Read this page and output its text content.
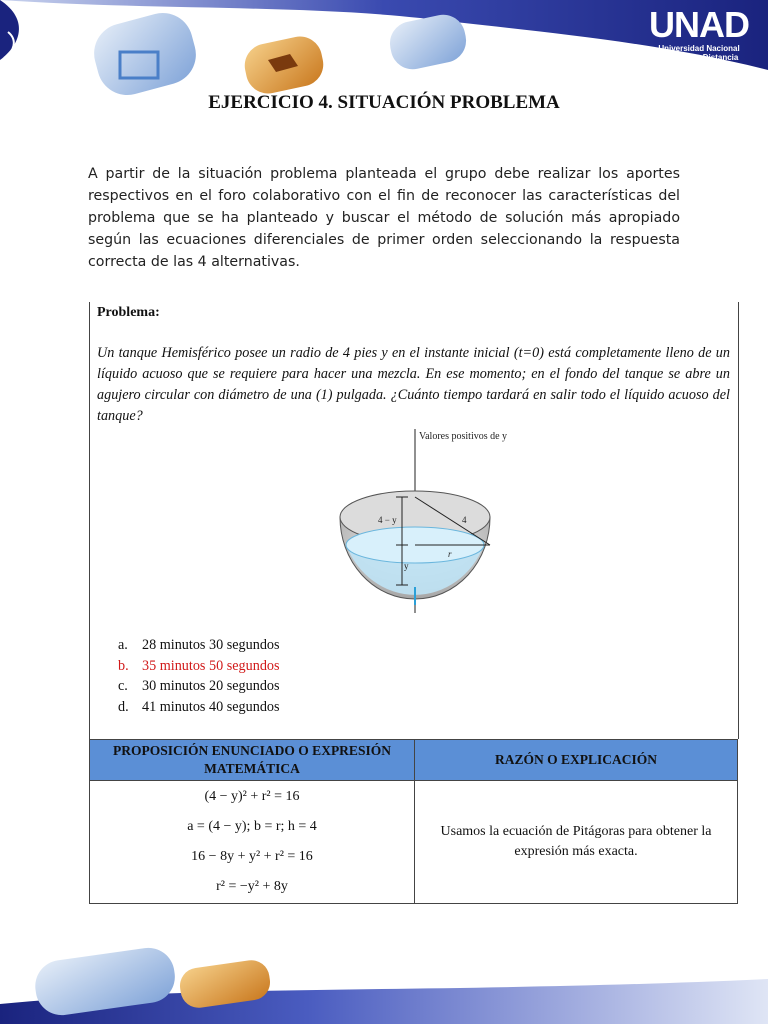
UNAD
Universidad Nacional
Abierta y a Distancia
EJERCICIO 4. SITUACIÓN PROBLEMA
A partir de la situación problema planteada el grupo debe realizar los aportes respectivos en el foro colaborativo con el fin de reconocer las características del problema que se ha planteado y buscar el método de solución más apropiado según las ecuaciones diferenciales de primer orden seleccionando la respuesta correcta de las 4 alternativas.
Problema:
Un tanque Hemisférico posee un radio de 4 pies y en el instante inicial (t=0) está completamente lleno de un líquido acuoso que se requiere para hacer una mezcla. En ese momento; en el fondo del tanque se abre un agujero circular con diámetro de una (1) pulgada. ¿Cuánto tiempo tardará en salir todo el líquido acuoso del tanque?
Valores positivos de y
4 − y	4
r
y
a. 28 minutos 30 segundos
b. 35 minutos 50 segundos
c. 30 minutos 20 segundos
d. 41 minutos 40 segundos
PROPOSICIÓN ENUNCIADO O EXPRESIÓN MATEMÁTICA	RAZÓN O EXPLICACIÓN

(4 − y)² + r² = 16
a = (4 − y); b = r; h = 4
16 − 8y + y² + r² = 16
r² = −y² + 8y	Usamos la ecuación de Pitágoras para obtener la expresión más exacta.
